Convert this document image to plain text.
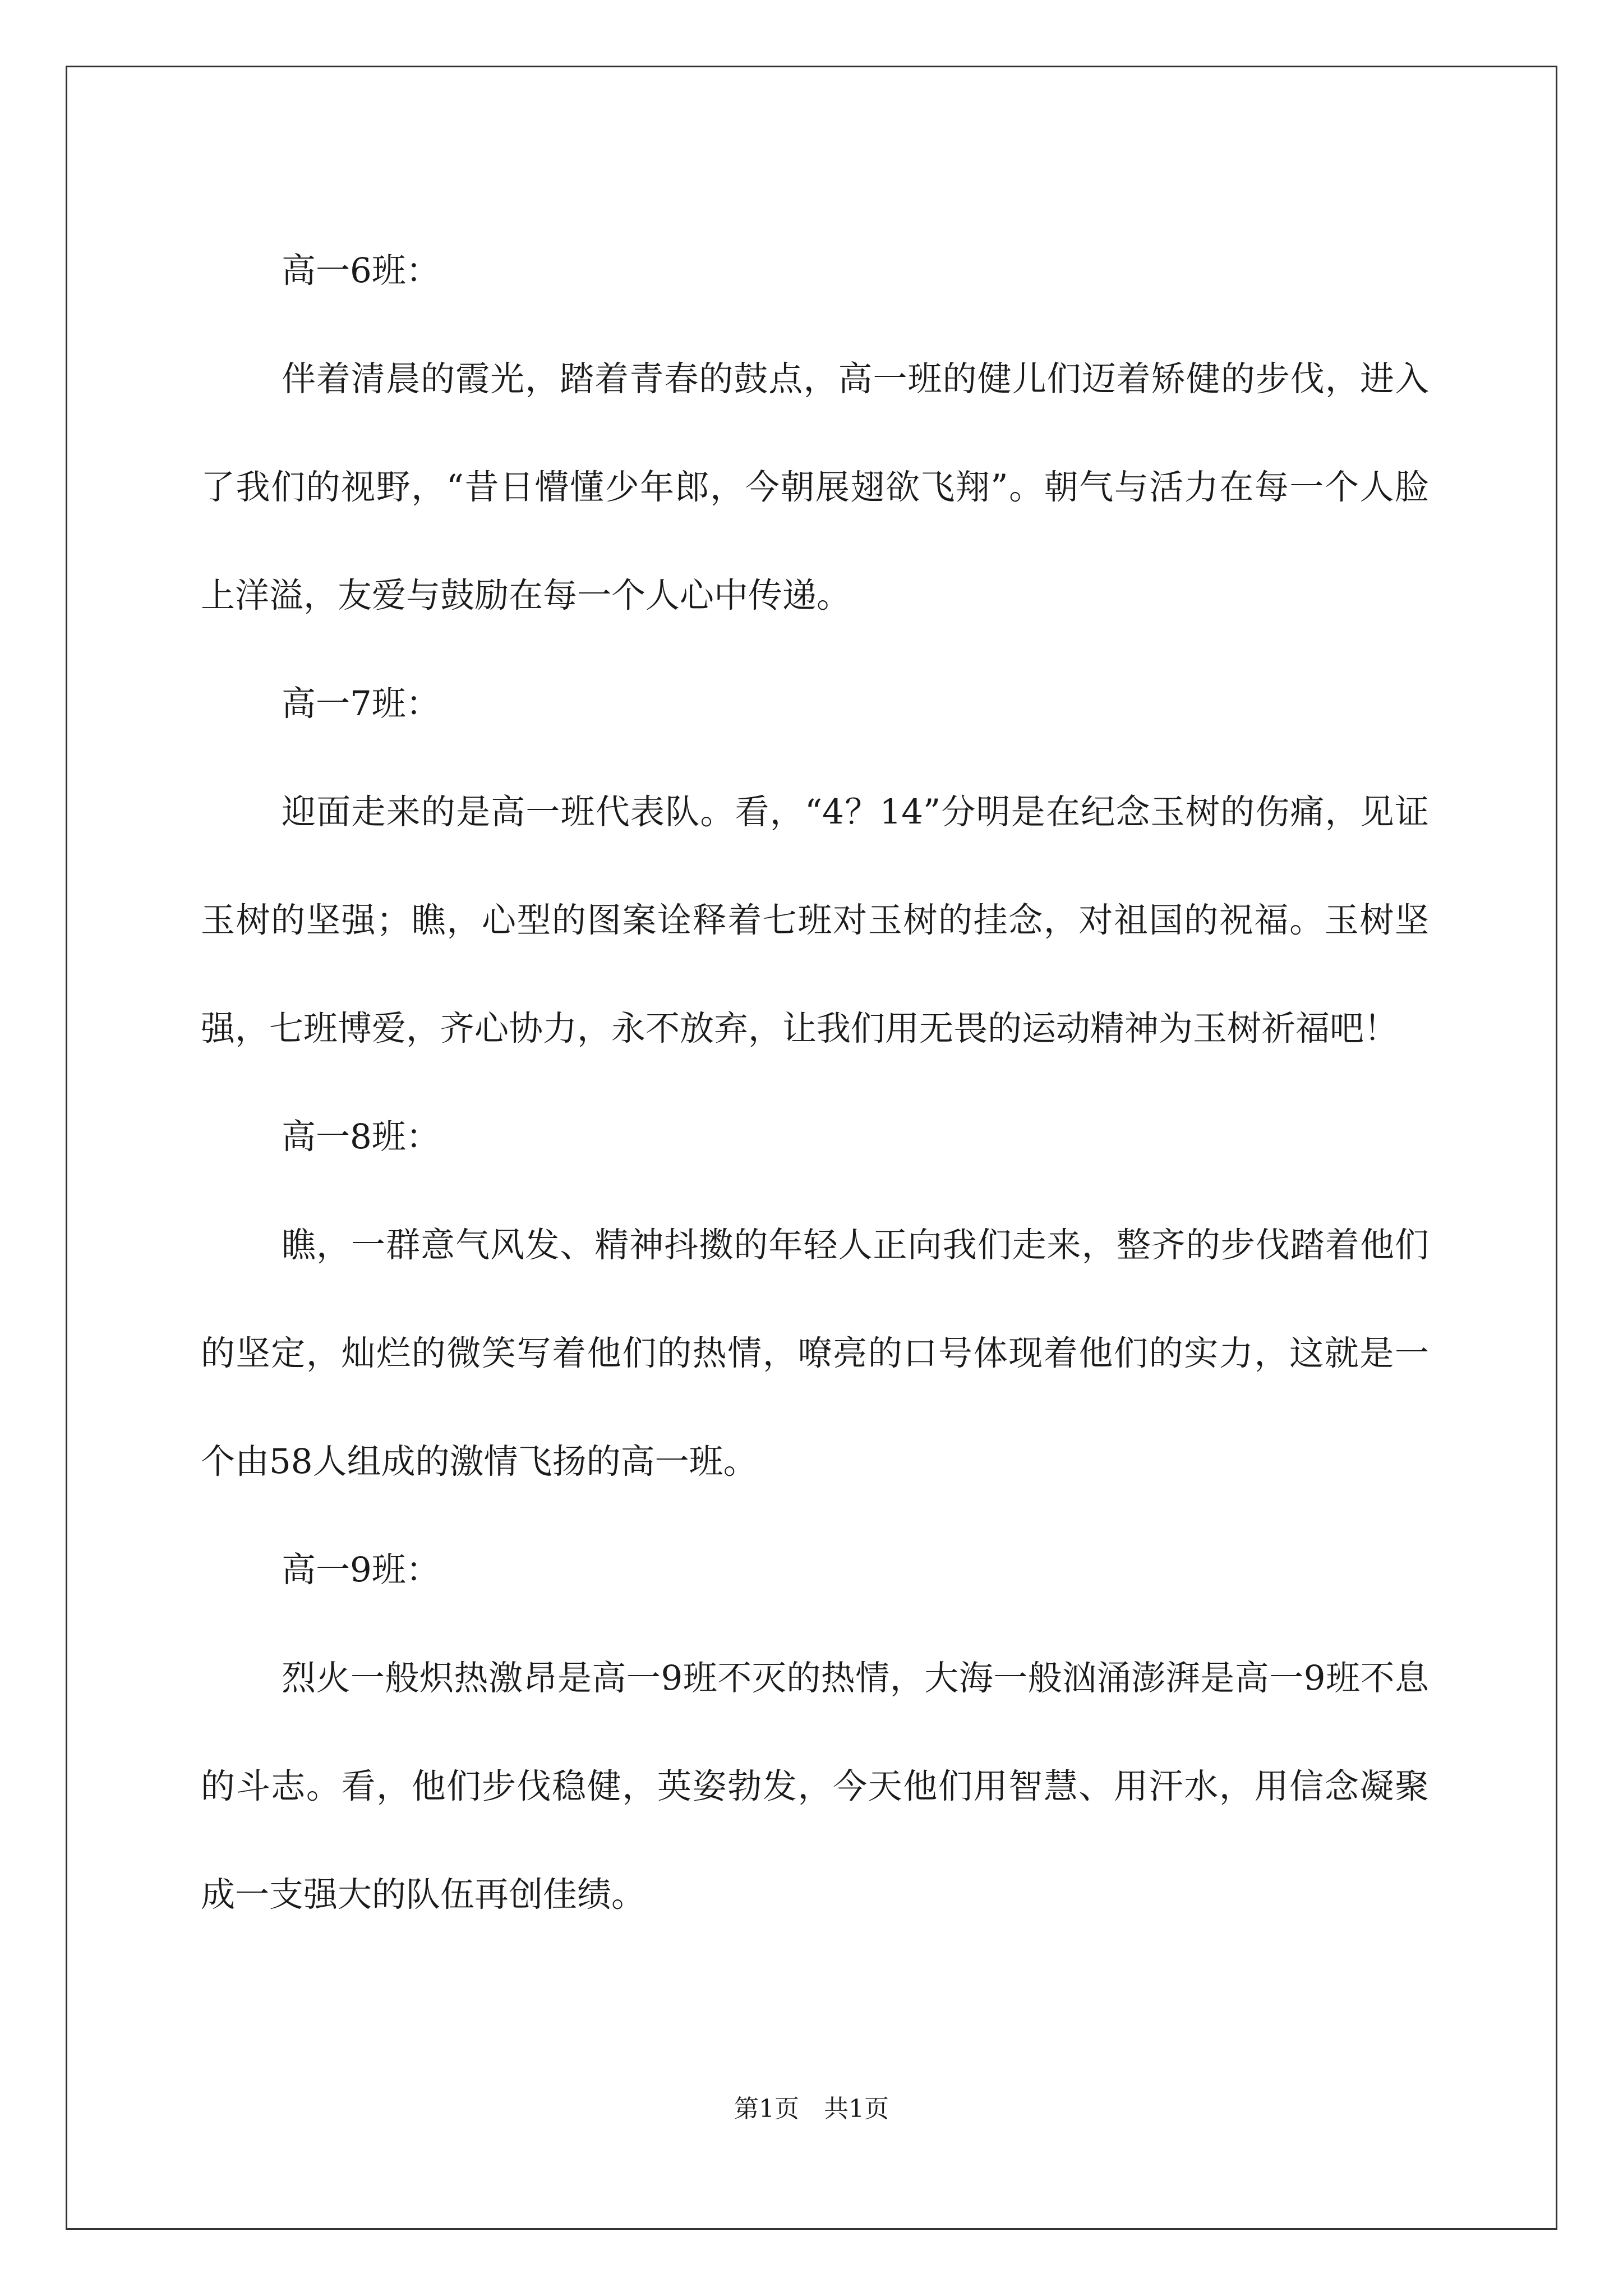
高一6班：

伴着清晨的霞光，踏着青春的鼓点，高一班的健儿们迈着矫健的步伐，进入了我们的视野，“昔日懵懂少年郎，今朝展翅欲飞翔”。朝气与活力在每一个人脸上洋溢，友爱与鼓励在每一个人心中传递。

高一7班：

迎面走来的是高一班代表队。看，“4？14”分明是在纪念玉树的伤痛，见证玉树的坚强；瞧，心型的图案诠释着七班对玉树的挂念，对祖国的祝福。玉树坚强，七班博爱，齐心协力，永不放弃，让我们用无畏的运动精神为玉树祈福吧！

高一8班：

瞧，一群意气风发、精神抖擞的年轻人正向我们走来，整齐的步伐踏着他们的坚定，灿烂的微笑写着他们的热情，嘹亮的口号体现着他们的实力，这就是一个由58人组成的激情飞扬的高一班。

高一9班：

烈火一般炽热激昂是高一9班不灭的热情，大海一般汹涌澎湃是高一9班不息的斗志。看，他们步伐稳健，英姿勃发，今天他们用智慧、用汗水，用信念凝聚成一支强大的队伍再创佳绩。

第1页　共1页
